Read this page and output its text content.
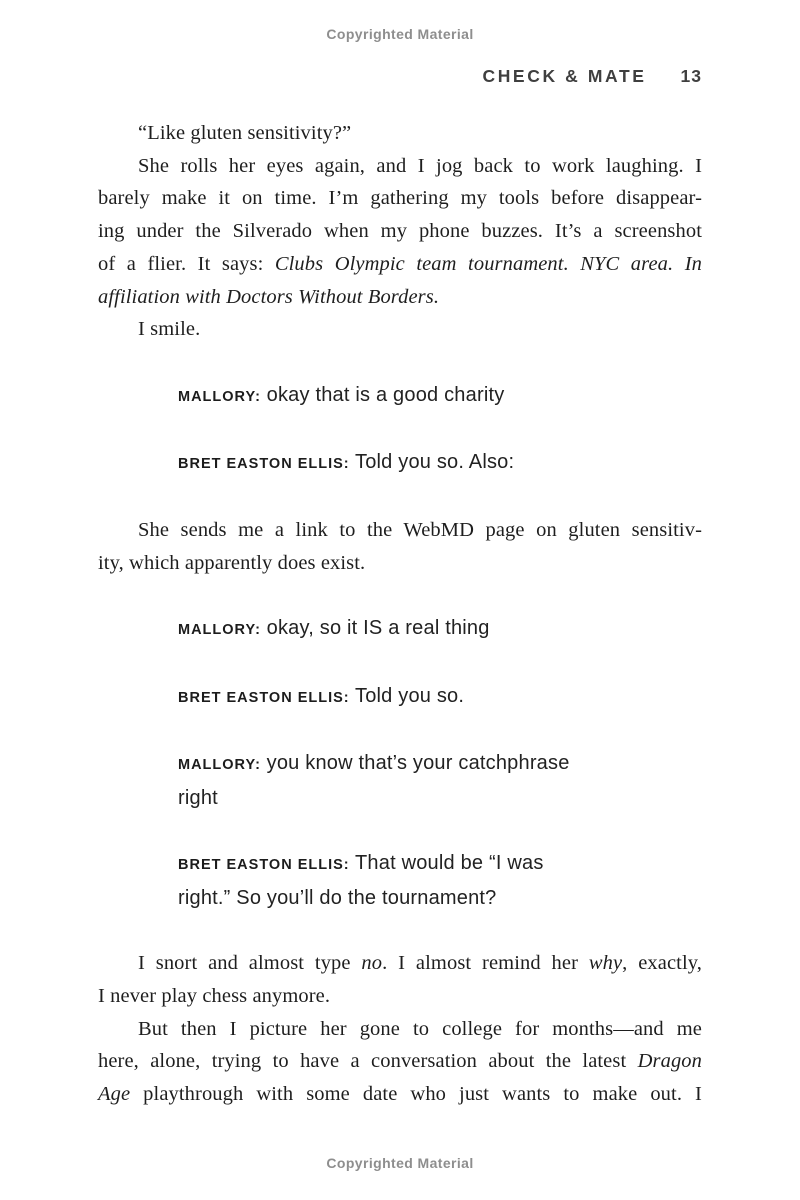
Copyrighted Material
CHECK & MATE 13
“Like gluten sensitivity?”
She rolls her eyes again, and I jog back to work laughing. I
barely make it on time. I’m gathering my tools before disappear-
ing under the Silverado when my phone buzzes. It’s a screenshot
of a flier. It says: Clubs Olympic team tournament. NYC area. In
affiliation with Doctors Without Borders.
I smile.
MALLORY: okay that is a good charity
BRET EASTON ELLIS: Told you so. Also:
She sends me a link to the WebMD page on gluten sensitiv-
ity, which apparently does exist.
MALLORY: okay, so it IS a real thing
BRET EASTON ELLIS: Told you so.
MALLORY: you know that’s your catchphrase
right
BRET EASTON ELLIS: That would be “I was
right.” So you’ll do the tournament?
I snort and almost type no. I almost remind her why, exactly,
I never play chess anymore.
But then I picture her gone to college for months—and me
here, alone, trying to have a conversation about the latest Dragon
Age playthrough with some date who just wants to make out. I
Copyrighted Material
